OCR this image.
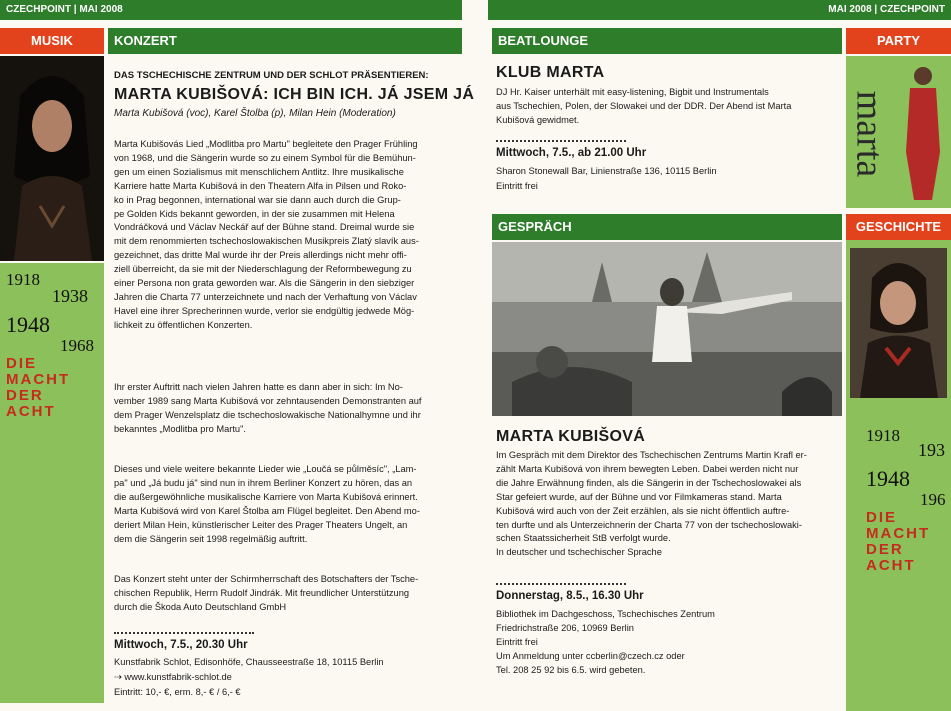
CZECHPOINT | MAI 2008	MAI 2008 | CZECHPOINT
MUSIK
1918
1938
1948
1968
DIE
MACHT
DER
ACHT
KONZERT
DAS TSCHECHISCHE ZENTRUM UND DER SCHLOT PRÄSENTIEREN:
MARTA KUBIŠOVÁ: ICH BIN ICH. JÁ JSEM JÁ
Marta Kubišová (voc), Karel Štolba (p), Milan Hein (Moderation)
Marta Kubišovás Lied „Modlitba pro Martu" begleitete den Prager Frühling
von 1968, und die Sängerin wurde so zu einem Symbol für die Bemühun-
gen um einen Sozialismus mit menschlichem Antlitz. Ihre musikalische
Karriere hatte Marta Kubišová in den Theatern Alfa in Pilsen und Roko-
ko in Prag begonnen, international war sie dann auch durch die Grup-
pe Golden Kids bekannt geworden, in der sie zusammen mit Helena
Vondráčková und Václav Neckář auf der Bühne stand. Dreimal wurde sie
mit dem renommierten tschechoslowakischen Musikpreis Zlatý slavík aus-
gezeichnet, das dritte Mal wurde ihr der Preis allerdings nicht mehr offi-
ziell überreicht, da sie mit der Niederschlagung der Reformbewegung zu
einer Persona non grata geworden war. Als die Sängerin in den siebziger
Jahren die Charta 77 unterzeichnete und nach der Verhaftung von Václav
Havel eine ihrer Sprecherinnen wurde, verlor sie endgültig jedwede Mög-
lichkeit zu öffentlichen Konzerten.
Ihr erster Auftritt nach vielen Jahren hatte es dann aber in sich: Im No-
vember 1989 sang Marta Kubišová vor zehntausenden Demonstranten auf
dem Prager Wenzelsplatz die tschechoslowakische Nationalhymne und ihr
bekanntes „Modlitba pro Martu".
Dieses und viele weitere bekannte Lieder wie „Loučá se půlměsíc", „Lam-
pa" und „Já budu já" sind nun in ihrem Berliner Konzert zu hören, das an
die außergewöhnliche musikalische Karriere von Marta Kubišová erinnert.
Marta Kubišová wird von Karel Štolba am Flügel begleitet. Den Abend mo-
deriert Milan Hein, künstlerischer Leiter des Prager Theaters Ungelt, an
dem die Sängerin seit 1998 regelmäßig auftritt.
Das Konzert steht unter der Schirmherrschaft des Botschafters der Tsche-
chischen Republik, Herrn Rudolf Jindrák. Mit freundlicher Unterstützung
durch die Škoda Auto Deutschland GmbH
Mittwoch, 7.5., 20.30 Uhr
Kunstfabrik Schlot, Edisonhöfe, Chausseestraße 18, 10115 Berlin
⇢ www.kunstfabrik-schlot.de
Eintritt: 10,- €, erm. 8,- € / 6,- €
BEATLOUNGE
KLUB MARTA
DJ Hr. Kaiser unterhält mit easy-listening, Bigbit und Instrumentals
aus Tschechien, Polen, der Slowakei und der DDR. Der Abend ist Marta
Kubišová gewidmet.
Mittwoch, 7.5., ab 21.00 Uhr
Sharon Stonewall Bar, Linienstraße 136, 10115 Berlin
Eintritt frei
PARTY
marta
GESCHICHTE
1918
193
1948
196
DIE
MACHT
DER
ACHT
GESPRÄCH
MARTA KUBIŠOVÁ
Im Gespräch mit dem Direktor des Tschechischen Zentrums Martin Krafl er-
zählt Marta Kubišová von ihrem bewegten Leben. Dabei werden nicht nur
die Jahre Erwähnung finden, als die Sängerin in der Tschechoslowakei als
Star gefeiert wurde, auf der Bühne und vor Filmkameras stand. Marta
Kubišová wird auch von der Zeit erzählen, als sie nicht öffentlich auftre-
ten durfte und als Unterzeichnerin der Charta 77 von der tschechoslowaki-
schen Staatssicherheit StB verfolgt wurde.
In deutscher und tschechischer Sprache
Donnerstag, 8.5., 16.30 Uhr
Bibliothek im Dachgeschoss, Tschechisches Zentrum
Friedrichstraße 206, 10969 Berlin
Eintritt frei
Um Anmeldung unter ccberlin@czech.cz oder
Tel. 208 25 92 bis 6.5. wird gebeten.
